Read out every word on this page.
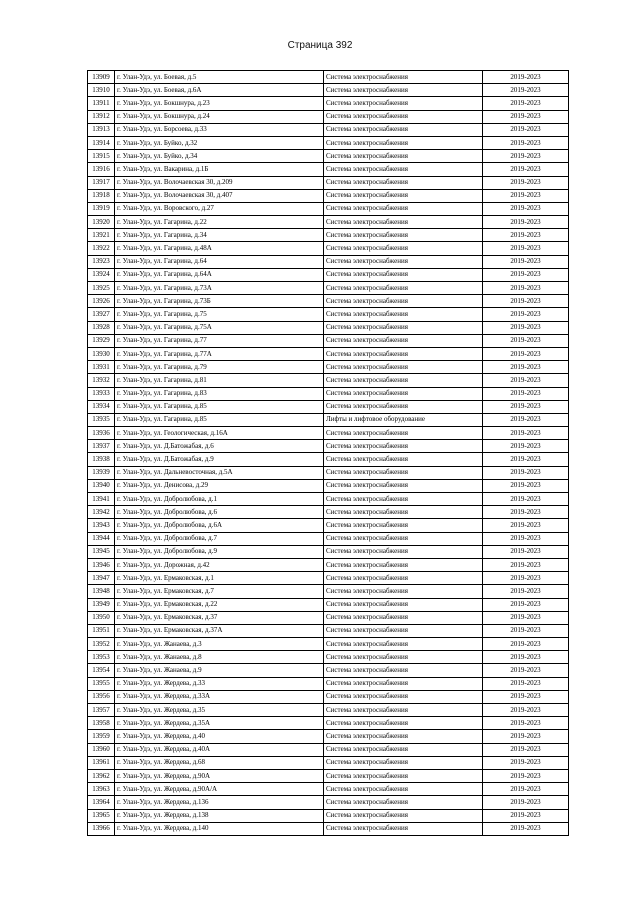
Страница 392
13909	г. Улан-Удэ, ул. Боевая, д.5	Система электроснабжения	2019-2023
13910	г. Улан-Удэ, ул. Боевая, д.6А	Система электроснабжения	2019-2023
13911	г. Улан-Удэ, ул. Бокшнура, д.23	Система электроснабжения	2019-2023
13912	г. Улан-Удэ, ул. Бокшнура, д.24	Система электроснабжения	2019-2023
13913	г. Улан-Удэ, ул. Борсоева, д.33	Система электроснабжения	2019-2023
13914	г. Улан-Удэ, ул. Буйко, д.32	Система электроснабжения	2019-2023
13915	г. Улан-Удэ, ул. Буйко, д.34	Система электроснабжения	2019-2023
13916	г. Улан-Удэ, ул. Вакарина, д.1Б	Система электроснабжения	2019-2023
13917	г. Улан-Удэ, ул. Волочаевская 30, д.209	Система электроснабжения	2019-2023
13918	г. Улан-Удэ, ул. Волочаевская 30, д.407	Система электроснабжения	2019-2023
13919	г. Улан-Удэ, ул. Воровского, д.27	Система электроснабжения	2019-2023
13920	г. Улан-Удэ, ул. Гагарина, д.22	Система электроснабжения	2019-2023
13921	г. Улан-Удэ, ул. Гагарина, д.34	Система электроснабжения	2019-2023
13922	г. Улан-Удэ, ул. Гагарина, д.48А	Система электроснабжения	2019-2023
13923	г. Улан-Удэ, ул. Гагарина, д.64	Система электроснабжения	2019-2023
13924	г. Улан-Удэ, ул. Гагарина, д.64А	Система электроснабжения	2019-2023
13925	г. Улан-Удэ, ул. Гагарина, д.73А	Система электроснабжения	2019-2023
13926	г. Улан-Удэ, ул. Гагарина, д.73Б	Система электроснабжения	2019-2023
13927	г. Улан-Удэ, ул. Гагарина, д.75	Система электроснабжения	2019-2023
13928	г. Улан-Удэ, ул. Гагарина, д.75А	Система электроснабжения	2019-2023
13929	г. Улан-Удэ, ул. Гагарина, д.77	Система электроснабжения	2019-2023
13930	г. Улан-Удэ, ул. Гагарина, д.77А	Система электроснабжения	2019-2023
13931	г. Улан-Удэ, ул. Гагарина, д.79	Система электроснабжения	2019-2023
13932	г. Улан-Удэ, ул. Гагарина, д.81	Система электроснабжения	2019-2023
13933	г. Улан-Удэ, ул. Гагарина, д.83	Система электроснабжения	2019-2023
13934	г. Улан-Удэ, ул. Гагарина, д.85	Система электроснабжения	2019-2023
13935	г. Улан-Удэ, ул. Гагарина, д.85	Лифты и лифтовое оборудование	2019-2023
13936	г. Улан-Удэ, ул. Геологическая, д.16А	Система электроснабжения	2019-2023
13937	г. Улан-Удэ, ул. Д.Батожабая, д.6	Система электроснабжения	2019-2023
13938	г. Улан-Удэ, ул. Д.Батожабая, д.9	Система электроснабжения	2019-2023
13939	г. Улан-Удэ, ул. Дальневосточная, д.5А	Система электроснабжения	2019-2023
13940	г. Улан-Удэ, ул. Денисова, д.29	Система электроснабжения	2019-2023
13941	г. Улан-Удэ, ул. Добролюбова, д.1	Система электроснабжения	2019-2023
13942	г. Улан-Удэ, ул. Добролюбова, д.6	Система электроснабжения	2019-2023
13943	г. Улан-Удэ, ул. Добролюбова, д.6А	Система электроснабжения	2019-2023
13944	г. Улан-Удэ, ул. Добролюбова, д.7	Система электроснабжения	2019-2023
13945	г. Улан-Удэ, ул. Добролюбова, д.9	Система электроснабжения	2019-2023
13946	г. Улан-Удэ, ул. Дорожная, д.42	Система электроснабжения	2019-2023
13947	г. Улан-Удэ, ул. Ермаковская, д.1	Система электроснабжения	2019-2023
13948	г. Улан-Удэ, ул. Ермаковская, д.7	Система электроснабжения	2019-2023
13949	г. Улан-Удэ, ул. Ермаковская, д.22	Система электроснабжения	2019-2023
13950	г. Улан-Удэ, ул. Ермаковская, д.37	Система электроснабжения	2019-2023
13951	г. Улан-Удэ, ул. Ермаковская, д.37А	Система электроснабжения	2019-2023
13952	г. Улан-Удэ, ул. Жанаева, д.3	Система электроснабжения	2019-2023
13953	г. Улан-Удэ, ул. Жанаева, д.8	Система электроснабжения	2019-2023
13954	г. Улан-Удэ, ул. Жанаева, д.9	Система электроснабжения	2019-2023
13955	г. Улан-Удэ, ул. Жердева, д.33	Система электроснабжения	2019-2023
13956	г. Улан-Удэ, ул. Жердева, д.33А	Система электроснабжения	2019-2023
13957	г. Улан-Удэ, ул. Жердева, д.35	Система электроснабжения	2019-2023
13958	г. Улан-Удэ, ул. Жердева, д.35А	Система электроснабжения	2019-2023
13959	г. Улан-Удэ, ул. Жердева, д.40	Система электроснабжения	2019-2023
13960	г. Улан-Удэ, ул. Жердева, д.40А	Система электроснабжения	2019-2023
13961	г. Улан-Удэ, ул. Жердева, д.68	Система электроснабжения	2019-2023
13962	г. Улан-Удэ, ул. Жердева, д.90А	Система электроснабжения	2019-2023
13963	г. Улан-Удэ, ул. Жердева, д.90А/А	Система электроснабжения	2019-2023
13964	г. Улан-Удэ, ул. Жердева, д.136	Система электроснабжения	2019-2023
13965	г. Улан-Удэ, ул. Жердева, д.138	Система электроснабжения	2019-2023
13966	г. Улан-Удэ, ул. Жердева, д.140	Система электроснабжения	2019-2023
